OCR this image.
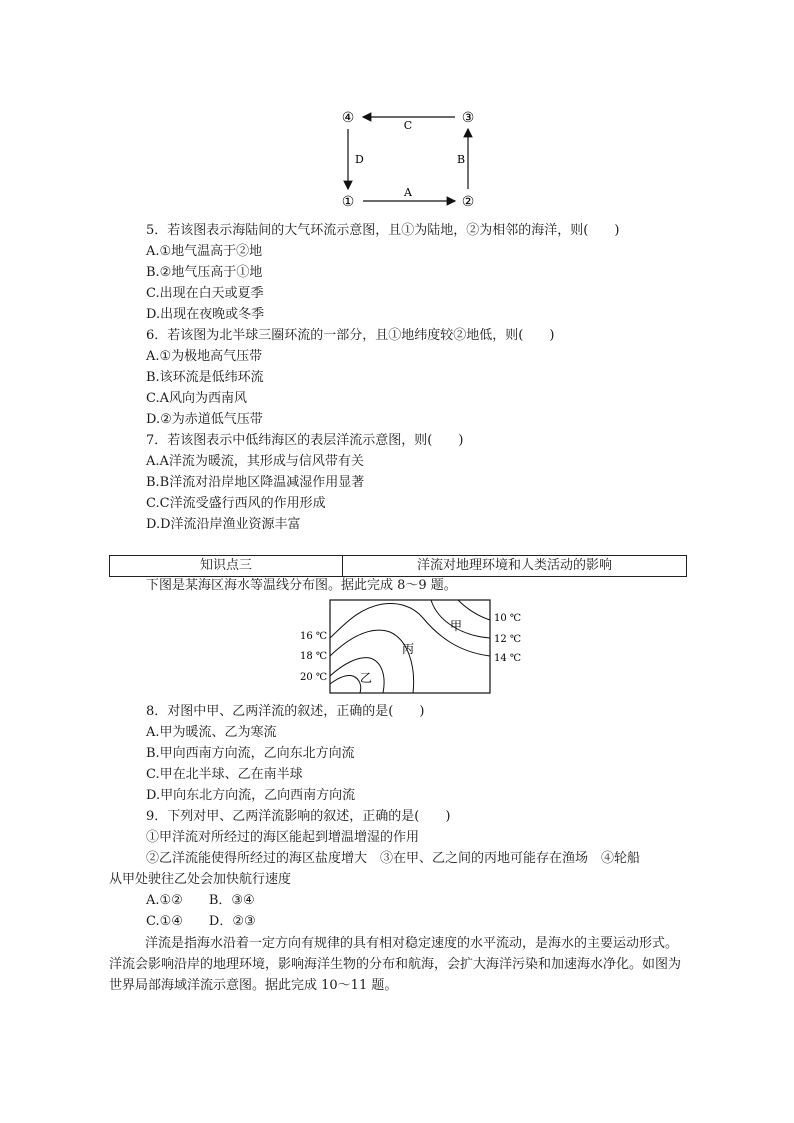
④	③
①	②
C
D
A
B
5．若该图表示海陆间的大气环流示意图，且①为陆地，②为相邻的海洋，则(　　)
A.①地气温高于②地
B.②地气压高于①地
C.出现在白天或夏季
D.出现在夜晚或冬季
6．若该图为北半球三圈环流的一部分，且①地纬度较②地低，则(　　)
A.①为极地高气压带
B.该环流是低纬环流
C.A风向为西南风
D.②为赤道低气压带
7．若该图表示中低纬海区的表层洋流示意图，则(　　)
A.A洋流为暖流，其形成与信风带有关
B.B洋流对沿岸地区降温减湿作用显著
C.C洋流受盛行西风的作用形成
D.D洋流沿岸渔业资源丰富
知识点三	洋流对地理环境和人类活动的影响
下图是某海区海水等温线分布图。据此完成 8～9 题。
10 ℃
12 ℃
14 ℃
16 ℃
18 ℃
20 ℃
甲
丙
乙
8．对图中甲、乙两洋流的叙述，正确的是(　　)
A.甲为暖流、乙为寒流
B.甲向西南方向流，乙向东北方向流
C.甲在北半球、乙在南半球
D.甲向东北方向流，乙向西南方向流
9．下列对甲、乙两洋流影响的叙述，正确的是(　　)
①甲洋流对所经过的海区能起到增温增湿的作用
②乙洋流能使得所经过的海区盐度增大　③在甲、乙之间的丙地可能存在渔场　④轮船
从甲处驶往乙处会加快航行速度
A.①②　　B．③④
C.①④　　D．②③
洋流是指海水沿着一定方向有规律的具有相对稳定速度的水平流动，是海水的主要运动形式。洋流会影响沿岸的地理环境，影响海洋生物的分布和航海，会扩大海洋污染和加速海水净化。如图为世界局部海域洋流示意图。据此完成 10～11 题。
